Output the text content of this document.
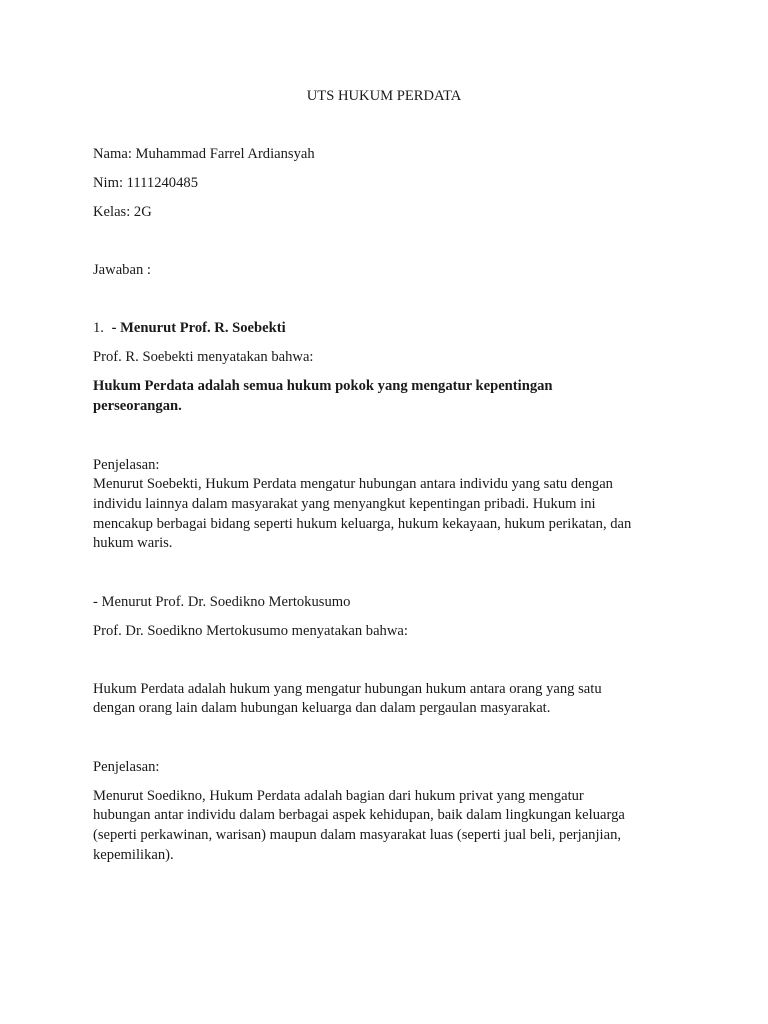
UTS HUKUM PERDATA
Nama: Muhammad Farrel Ardiansyah
Nim: 1111240485
Kelas: 2G
Jawaban :
1. - Menurut Prof. R. Soebekti
Prof. R. Soebekti menyatakan bahwa:
Hukum Perdata adalah semua hukum pokok yang mengatur kepentingan
perseorangan.
Penjelasan:
Menurut Soebekti, Hukum Perdata mengatur hubungan antara individu yang satu dengan
individu lainnya dalam masyarakat yang menyangkut kepentingan pribadi. Hukum ini
mencakup berbagai bidang seperti hukum keluarga, hukum kekayaan, hukum perikatan, dan
hukum waris.
- Menurut Prof. Dr. Soedikno Mertokusumo
Prof. Dr. Soedikno Mertokusumo menyatakan bahwa:
Hukum Perdata adalah hukum yang mengatur hubungan hukum antara orang yang satu
dengan orang lain dalam hubungan keluarga dan dalam pergaulan masyarakat.
Penjelasan:
Menurut Soedikno, Hukum Perdata adalah bagian dari hukum privat yang mengatur
hubungan antar individu dalam berbagai aspek kehidupan, baik dalam lingkungan keluarga
(seperti perkawinan, warisan) maupun dalam masyarakat luas (seperti jual beli, perjanjian,
kepemilikan).
